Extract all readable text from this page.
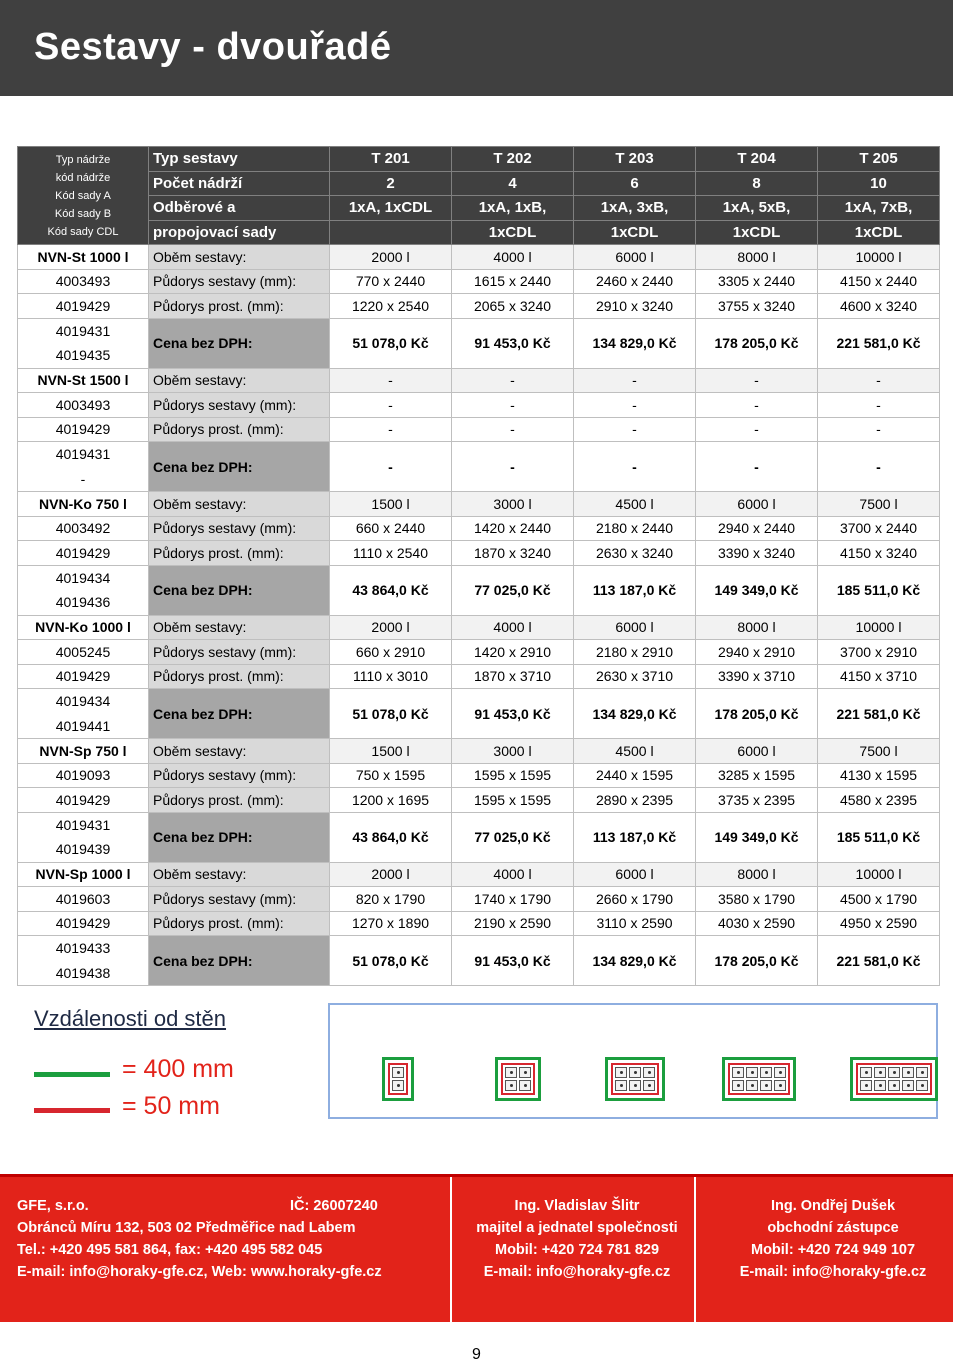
Sestavy - dvouřadé
Typ nádrže
kód nádrže
Kód sady A
Kód sady B
Kód sady CDL	Typ sestavy	T 201	T 202	T 203	T 204	T 205
	Počet nádrží	2	4	6	8	10
	Odběrové a	1xA, 1xCDL	1xA, 1xB,	1xA, 3xB,	1xA, 5xB,	1xA, 7xB,
	propojovací sady		1xCDL	1xCDL	1xCDL	1xCDL
NVN-St 1000 l	Oběm sestavy:	2000 l	4000 l	6000 l	8000 l	10000 l
4003493	Půdorys sestavy (mm):	770 x 2440	1615 x 2440	2460 x 2440	3305 x 2440	4150 x 2440
4019429	Půdorys prost. (mm):	1220 x 2540	2065 x 3240	2910 x 3240	3755 x 3240	4600 x 3240

4019431
4019435	Cena bez DPH:	51 078,0 Kč	91 453,0 Kč	134 829,0 Kč	178 205,0 Kč	221 581,0 Kč
NVN-St 1500 l	Oběm sestavy:	-	-	-	-	-
4003493	Půdorys sestavy (mm):	-	-	-	-	-
4019429	Půdorys prost. (mm):	-	-	-	-	-

4019431
-	Cena bez DPH:	-	-	-	-	-
NVN-Ko 750 l	Oběm sestavy:	1500 l	3000 l	4500 l	6000 l	7500 l
4003492	Půdorys sestavy (mm):	660 x 2440	1420 x 2440	2180 x 2440	2940 x 2440	3700 x 2440
4019429	Půdorys prost. (mm):	1110 x 2540	1870 x 3240	2630 x 3240	3390 x 3240	4150 x 3240

4019434
4019436	Cena bez DPH:	43 864,0 Kč	77 025,0 Kč	113 187,0 Kč	149 349,0 Kč	185 511,0 Kč
NVN-Ko 1000 l	Oběm sestavy:	2000 l	4000 l	6000 l	8000 l	10000 l
4005245	Půdorys sestavy (mm):	660 x 2910	1420 x 2910	2180 x 2910	2940 x 2910	3700 x 2910
4019429	Půdorys prost. (mm):	1110 x 3010	1870 x 3710	2630 x 3710	3390 x 3710	4150 x 3710

4019434
4019441	Cena bez DPH:	51 078,0 Kč	91 453,0 Kč	134 829,0 Kč	178 205,0 Kč	221 581,0 Kč
NVN-Sp 750 l	Oběm sestavy:	1500 l	3000 l	4500 l	6000 l	7500 l
4019093	Půdorys sestavy (mm):	750 x 1595	1595 x 1595	2440 x 1595	3285 x 1595	4130 x 1595
4019429	Půdorys prost. (mm):	1200 x 1695	1595 x 1595	2890 x 2395	3735 x 2395	4580 x 2395

4019431
4019439	Cena bez DPH:	43 864,0 Kč	77 025,0 Kč	113 187,0 Kč	149 349,0 Kč	185 511,0 Kč
NVN-Sp 1000 l	Oběm sestavy:	2000 l	4000 l	6000 l	8000 l	10000 l
4019603	Půdorys sestavy (mm):	820 x 1790	1740 x 1790	2660 x 1790	3580 x 1790	4500 x 1790
4019429	Půdorys prost. (mm):	1270 x 1890	2190 x 2590	3110 x 2590	4030 x 2590	4950 x 2590

4019433
4019438	Cena bez DPH:	51 078,0 Kč	91 453,0 Kč	134 829,0 Kč	178 205,0 Kč	221 581,0 Kč
Vzdálenosti od stěn
= 400 mm
= 50 mm
GFE, s.r.o.
Obránců Míru 132, 503 02 Předměřice nad Labem
Tel.: +420 495 581 864, fax: +420 495 582 045
E-mail: info@horaky-gfe.cz, Web: www.horaky-gfe.cz
IČ: 26007240	Ing. Vladislav Šlitr
majitel a jednatel společnosti
Mobil: +420 724 781 829
E-mail: info@horaky-gfe.cz
Ing. Ondřej Dušek
obchodní zástupce
Mobil: +420 724 949 107
E-mail: info@horaky-gfe.cz
9
